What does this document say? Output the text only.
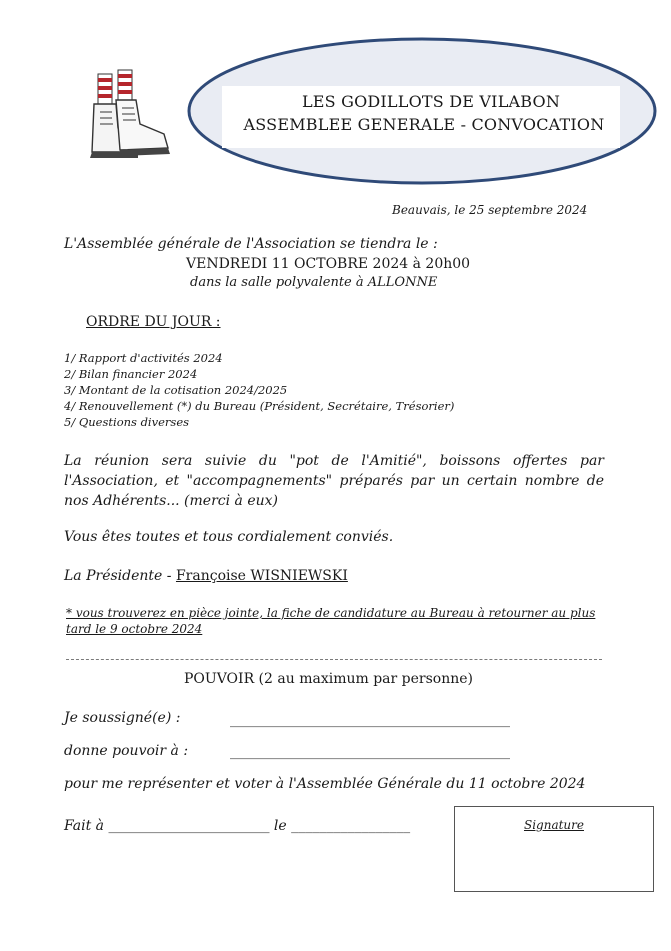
LES GODILLOTS DE VILABON
ASSEMBLEE GENERALE - CONVOCATION
Beauvais, le 25 septembre 2024
L'Assemblée générale de l'Association se tiendra le :
VENDREDI 11 OCTOBRE 2024 à 20h00
dans la salle polyvalente à ALLONNE
ORDRE DU JOUR :
1/ Rapport d'activités 2024
2/ Bilan financier 2024
3/ Montant de la cotisation 2024/2025
4/ Renouvellement (*) du Bureau (Président, Secrétaire, Trésorier)
5/ Questions diverses
La réunion sera suivie du "pot de l'Amitié", boissons offertes par l'Association, et "accompagnements" préparés par un certain nombre de nos Adhérents... (merci à eux)
Vous êtes toutes et tous cordialement conviés.
La Présidente - Françoise WISNIEWSKI
* vous trouverez en pièce jointe, la fiche de candidature au Bureau à retourner au plus tard le 9 octobre 2024
POUVOIR (2 au maximum par personne)
Je soussigné(e) :	________________________________________
donne pouvoir à :	________________________________________
pour me représenter et voter à l'Assemblée Générale du 11 octobre 2024
Fait à _______________________ le _________________	Signature
